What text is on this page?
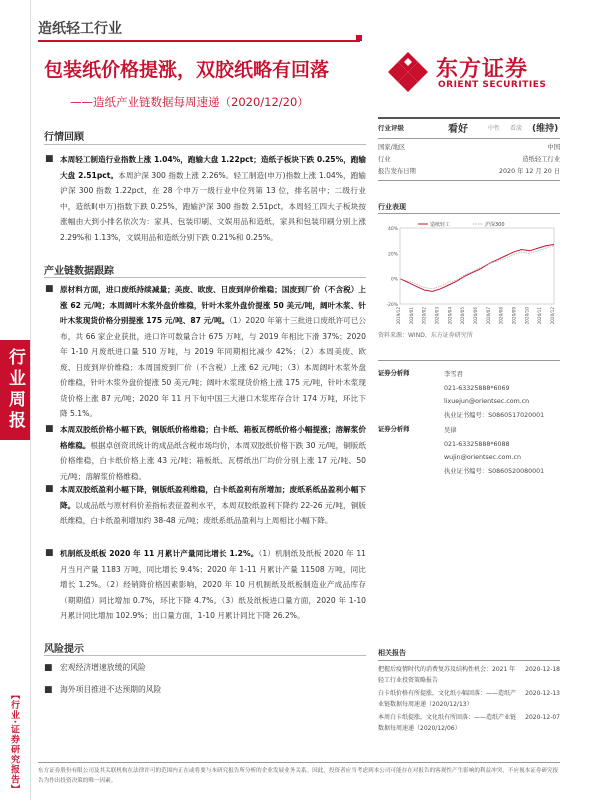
造纸轻工行业
东方证券
ORIENT SECURITIES
包装纸价格提涨，双胶纸略有回落
——造纸产业链数据每周速递（2020/12/20）
行情回顾
■ 本周轻工制造行业指数上涨 1.04%，跑输大盘 1.22pct；造纸子板块下跌 0.25%，跑输大盘 2.51pct。本周沪深 300 指数上涨 2.26%。轻工制造(申万)指数上涨 1.04%，跑输沪深 300 指数 1.22pct，在 28 个申万一级行业中位列第 13 位，排名居中；二级行业中，造纸Ⅱ(申万)指数下跌 0.25%，跑输沪深 300 指数 2.51pct。本周轻工四大子板块按涨幅由大到小排名依次为：家具、包装印刷、文娱用品和造纸，家具和包装印刷分别上涨 2.29%和 1.13%，文娱用品和造纸分别下跌 0.21%和 0.25%。
产业链数据跟踪
■ 原材料方面，进口废纸持续减量；美废、欧废、日废到岸价维稳；国废到厂价（不含税）上涨 62 元/吨；本周阔叶木浆外盘价维稳，针叶木浆外盘价提涨 50 美元/吨，阔叶木浆、针叶木浆现货价格分别提涨 175 元/吨、87 元/吨。（1）2020 年第十三批进口废纸许可已公布，共 66 家企业获批，进口许可数量合计 675 万吨，与 2019 年相比下滑 37%；2020 年 1-10 月废纸进口量 510 万吨，与 2019 年同期相比减少 42%；（2）本周美废、欧废、日废到岸价维稳；本周国废到厂价（不含税）上涨 62 元/吨；（3）本周阔叶木浆外盘价维稳，针叶木浆外盘价提涨 50 美元/吨；阔叶木浆现货价格上涨 175 元/吨，针叶木浆现货价格上涨 87 元/吨；2020 年 11 月下旬中国三大港口木浆库存合计 174 万吨，环比下降 5.1%。
■ 本周双胶纸价格小幅下跌，铜版纸价格维稳；白卡纸、箱板瓦楞纸价格小幅提涨；溶解浆价格维稳。根据卓创资讯统计的成品纸含税市场均价，本周双胶纸价格下跌 30 元/吨，铜版纸价格维稳，白卡纸价格上涨 43 元/吨；箱板纸、瓦楞纸出厂均价分别上涨 17 元/吨、50 元/吨；溶解浆价格维稳。
■ 本周双胶纸盈利小幅下降，铜版纸盈利维稳，白卡纸盈利有所增加；废纸系纸品盈利小幅下降。以成品纸与原材料价差指标表征盈利水平，本周双胶纸盈利下降约 22-26 元/吨，铜版纸维稳，白卡纸盈利增加约 38-48 元/吨；废纸系纸品盈利与上周相比小幅下降。
■ 机制纸及纸板 2020 年 11 月累计产量同比增长 1.2%。（1）机制纸及纸板 2020 年 11 月当月产量 1183 万吨，同比增长 9.4%；2020 年 1-11 月累计产量 11508 万吨，同比增长 1.2%。（2）经销降价格因素影响，2020 年 10 月机制纸及纸板制造业产成品库存（期期值）同比增加 0.7%，环比下降 4.7%。（3）纸及纸板进口量方面，2020 年 1-10 月累计同比增加 102.9%；出口量方面，1-10 月累计同比下降 26.2%。
风险提示
■ 宏观经济增速放缓的风险
■ 海外项目推进不达预期的风险
行业周报
【行业·证券研究报告】
行业评级	看好	中性 看淡 (维持)
国家/地区	中国
行业	造纸轻工行业
报告发布日期	2020 年 12 月 20 日
行业表现
-20%
0%
20%
40%
2019/12 2020/01 2020/02 2020/03 2020/04 2020/05 2020/06 2020/07 2020/08 2020/09 2020/10 2020/11 2020/12
造纸轻工	沪深300
资料来源：WIND、东方证券研究所
证券分析师	李雪君
021-63325888*6069
lixuejun@orientsec.com.cn
执业证书编号：S0860517020001
证券分析师	吴律
021-63325888*6088
wujin@orientsec.com.cn
执业证书编号：S0860520080001
相关报告
把握后疫情时代的消费复苏及结构性机会：2021 年轻工行业投资策略报告
2020-12-18
白卡纸价格有所提涨，文化纸小幅回落：——造纸产业链数据每周速递（2020/12/13）
2020-12-13
本周白卡纸提涨，文化纸有所回落：——造纸产业链数据每周速递（2020/12/06）
2020-12-07
东方证券股份有限公司及其关联机构在法律许可的范围内正在或将要与本研究报告所分析的企业发展业务关系。因此，投资者应当考虑到本公司可能存在对报告的客观性产生影响的利益冲突，不应视本证券研究报告为作出投资决策的唯一因素。
